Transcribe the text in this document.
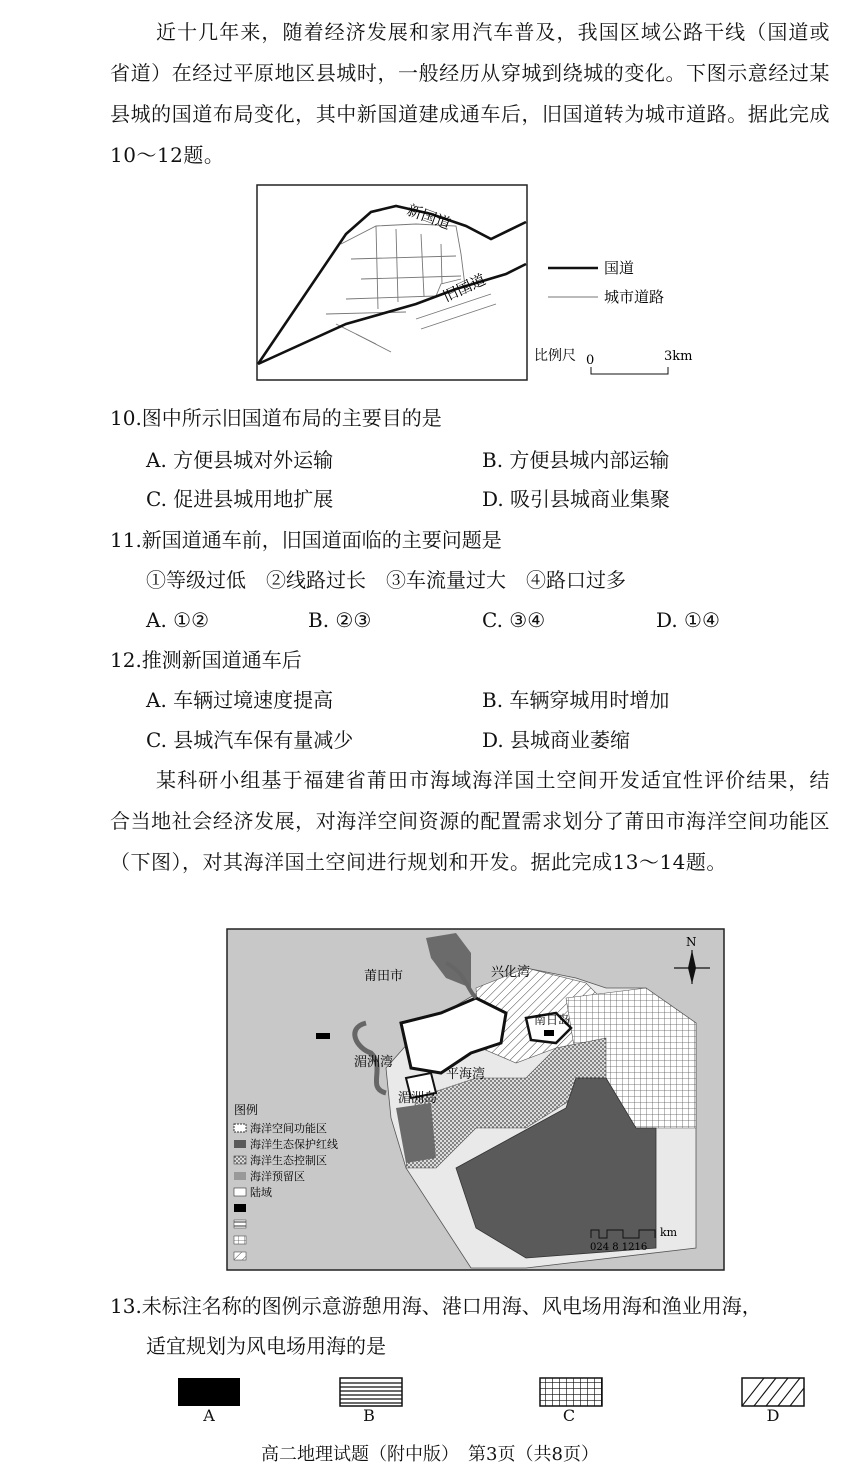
近十几年来，随着经济发展和家用汽车普及，我国区域公路干线（国道或省道）在经过平原地区县城时，一般经历从穿城到绕城的变化。下图示意经过某县城的国道布局变化，其中新国道建成通车后，旧国道转为城市道路。据此完成10～12题。

新国道
旧国道
国道
城市道路
比例尺 0	3km
10.图中所示旧国道布局的主要目的是
A. 方便县城对外运输	B. 方便县城内部运输
C. 促进县城用地扩展	D. 吸引县城商业集聚
11.新国道通车前，旧国道面临的主要问题是
①等级过低　②线路过长　③车流量过大　④路口过多
A. ①②	B. ②③	C. ③④	D. ①④
12.推测新国道通车后
A. 车辆过境速度提高	B. 车辆穿城用时增加
C. 县城汽车保有量减少	D. 县城商业萎缩

某科研小组基于福建省莆田市海域海洋国土空间开发适宜性评价结果，结合当地社会经济发展，对海洋空间资源的配置需求划分了莆田市海洋空间功能区（下图），对其海洋国土空间进行规划和开发。据此完成13～14题。

莆田市	兴化湾
南日岛
湄洲湾
平海湾
湄洲岛
N
图例
海洋空间功能区
海洋生态保护红线
海洋生态控制区
海洋预留区
陆域
km
024 8 1216
13.未标注名称的图例示意游憩用海、港口用海、风电场用海和渔业用海，
适宜规划为风电场用海的是
A	B	C	D
高二地理试题（附中版）　第3页（共8页）
